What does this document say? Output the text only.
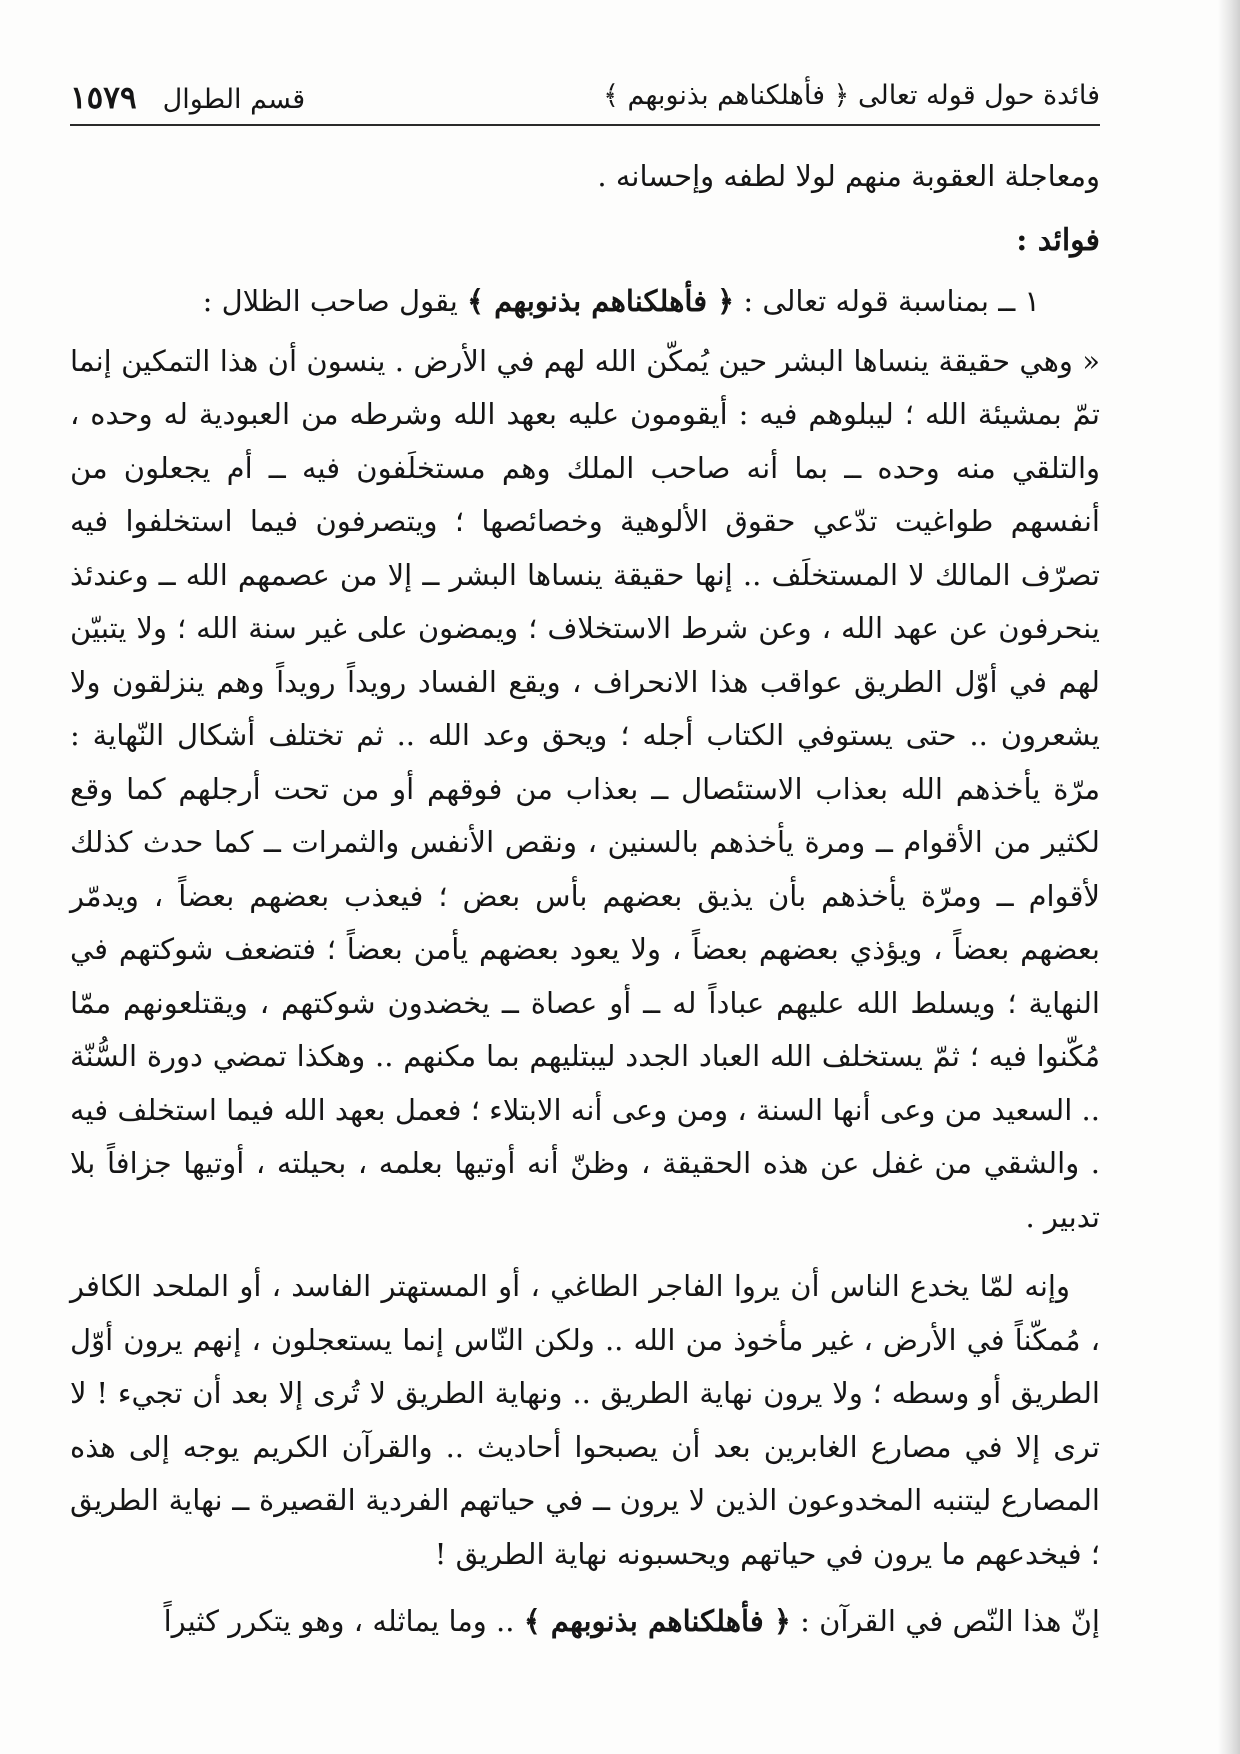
فائدة حول قوله تعالى ﴿ فأهلكناهم بذنوبهم ﴾
قسم الطوال
١٥٧٩

ومعاجلة العقوبة منهم لولا لطفه وإحسانه .

فوائد :

١ ــ بمناسبة قوله تعالى : ﴿ فأهلكناهم بذنوبهم ﴾ يقول صاحب الظلال :

« وهي حقيقة ينساها البشر حين يُمكّن الله لهم في الأرض . ينسون أن هذا التمكين إنما تمّ بمشيئة الله ؛ ليبلوهم فيه : أيقومون عليه بعهد الله وشرطه من العبودية له وحده ، والتلقي منه وحده ــ بما أنه صاحب الملك وهم مستخلَفون فيه ــ أم يجعلون من أنفسهم طواغيت تدّعي حقوق الألوهية وخصائصها ؛ ويتصرفون فيما استخلفوا فيه تصرّف المالك لا المستخلَف .. إنها حقيقة ينساها البشر ــ إلا من عصمهم الله ــ وعندئذ ينحرفون عن عهد الله ، وعن شرط الاستخلاف ؛ ويمضون على غير سنة الله ؛ ولا يتبيّن لهم في أوّل الطريق عواقب هذا الانحراف ، ويقع الفساد رويداً رويداً وهم ينزلقون ولا يشعرون .. حتى يستوفي الكتاب أجله ؛ ويحق وعد الله .. ثم تختلف أشكال النّهاية : مرّة يأخذهم الله بعذاب الاستئصال ــ بعذاب من فوقهم أو من تحت أرجلهم كما وقع لكثير من الأقوام ــ ومرة يأخذهم بالسنين ، ونقص الأنفس والثمرات ــ كما حدث كذلك لأقوام ــ ومرّة يأخذهم بأن يذيق بعضهم بأس بعض ؛ فيعذب بعضهم بعضاً ، ويدمّر بعضهم بعضاً ، ويؤذي بعضهم بعضاً ، ولا يعود بعضهم يأمن بعضاً ؛ فتضعف شوكتهم في النهاية ؛ ويسلط الله عليهم عباداً له ــ أو عصاة ــ يخضدون شوكتهم ، ويقتلعونهم ممّا مُكّنوا فيه ؛ ثمّ يستخلف الله العباد الجدد ليبتليهم بما مكنهم .. وهكذا تمضي دورة السُّنّة .. السعيد من وعى أنها السنة ، ومن وعى أنه الابتلاء ؛ فعمل بعهد الله فيما استخلف فيه . والشقي من غفل عن هذه الحقيقة ، وظنّ أنه أوتيها بعلمه ، بحيلته ، أوتيها جزافاً بلا تدبير .

وإنه لمّا يخدع الناس أن يروا الفاجر الطاغي ، أو المستهتر الفاسد ، أو الملحد الكافر ، مُمكّناً في الأرض ، غير مأخوذ من الله .. ولكن النّاس إنما يستعجلون ، إنهم يرون أوّل الطريق أو وسطه ؛ ولا يرون نهاية الطريق .. ونهاية الطريق لا تُرى إلا بعد أن تجيء ! لا ترى إلا في مصارع الغابرين بعد أن يصبحوا أحاديث .. والقرآن الكريم يوجه إلى هذه المصارع ليتنبه المخدوعون الذين لا يرون ــ في حياتهم الفردية القصيرة ــ نهاية الطريق ؛ فيخدعهم ما يرون في حياتهم ويحسبونه نهاية الطريق !

إنّ هذا النّص في القرآن : ﴿ فأهلكناهم بذنوبهم ﴾ .. وما يماثله ، وهو يتكرر كثيراً
